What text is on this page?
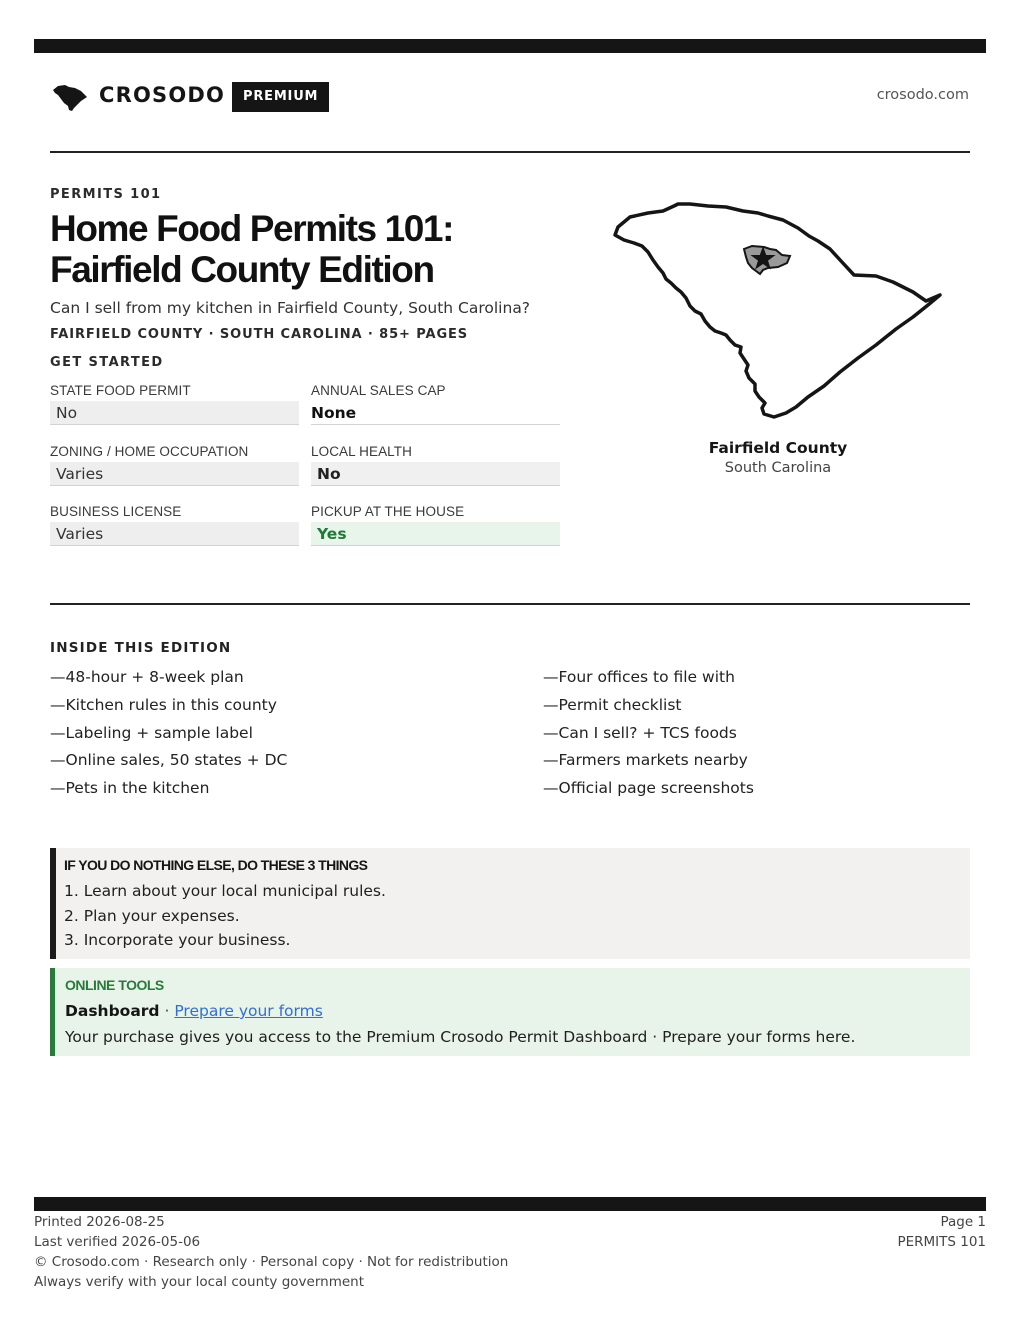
CROSODO	PREMIUM	crosodo.com
PERMITS 101
Home Food Permits 101: Fairfield County Edition
Can I sell from my kitchen in Fairfield County, South Carolina?
FAIRFIELD COUNTY · SOUTH CAROLINA · 85+ PAGES
GET STARTED
STATE FOOD PERMIT
No
ANNUAL SALES CAP
None
ZONING / HOME OCCUPATION
Varies
LOCAL HEALTH
No
BUSINESS LICENSE
Varies
PICKUP AT THE HOUSE
Yes
Fairfield County
South Carolina
INSIDE THIS EDITION
—48-hour + 8-week plan
—Kitchen rules in this county
—Labeling + sample label
—Online sales, 50 states + DC
—Pets in the kitchen
—Four offices to file with
—Permit checklist
—Can I sell? + TCS foods
—Farmers markets nearby
—Official page screenshots
IF YOU DO NOTHING ELSE, DO THESE 3 THINGS
1. Learn about your local municipal rules.
2. Plan your expenses.
3. Incorporate your business.
ONLINE TOOLS
Dashboard · Prepare your forms
Your purchase gives you access to the Premium Crosodo Permit Dashboard · Prepare your forms here.
Printed 2026-08-25
Last verified 2026-05-06
© Crosodo.com · Research only · Personal copy · Not for redistribution
Always verify with your local county government
Page 1
PERMITS 101
